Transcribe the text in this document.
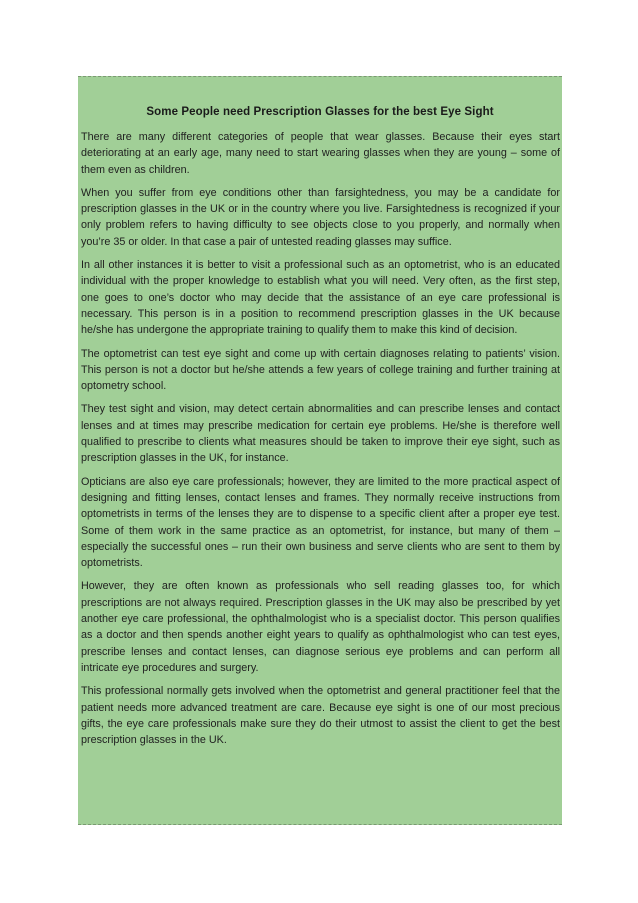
Some People need Prescription Glasses for the best Eye Sight

There are many different categories of people that wear glasses. Because their eyes start deteriorating at an early age, many need to start wearing glasses when they are young – some of them even as children.

When you suffer from eye conditions other than farsightedness, you may be a candidate for prescription glasses in the UK or in the country where you live. Farsightedness is recognized if your only problem refers to having difficulty to see objects close to you properly, and normally when you’re 35 or older. In that case a pair of untested reading glasses may suffice.

In all other instances it is better to visit a professional such as an optometrist, who is an educated individual with the proper knowledge to establish what you will need. Very often, as the first step, one goes to one’s doctor who may decide that the assistance of an eye care professional is necessary. This person is in a position to recommend prescription glasses in the UK because he/she has undergone the appropriate training to qualify them to make this kind of decision.

The optometrist can test eye sight and come up with certain diagnoses relating to patients’ vision. This person is not a doctor but he/she attends a few years of college training and further training at optometry school.

They test sight and vision, may detect certain abnormalities and can prescribe lenses and contact lenses and at times may prescribe medication for certain eye problems. He/she is therefore well qualified to prescribe to clients what measures should be taken to improve their eye sight, such as prescription glasses in the UK, for instance.

Opticians are also eye care professionals; however, they are limited to the more practical aspect of designing and fitting lenses, contact lenses and frames. They normally receive instructions from optometrists in terms of the lenses they are to dispense to a specific client after a proper eye test. Some of them work in the same practice as an optometrist, for instance, but many of them – especially the successful ones – run their own business and serve clients who are sent to them by optometrists.

However, they are often known as professionals who sell reading glasses too, for which prescriptions are not always required. Prescription glasses in the UK may also be prescribed by yet another eye care professional, the ophthalmologist who is a specialist doctor. This person qualifies as a doctor and then spends another eight years to qualify as ophthalmologist who can test eyes, prescribe lenses and contact lenses, can diagnose serious eye problems and can perform all intricate eye procedures and surgery.

This professional normally gets involved when the optometrist and general practitioner feel that the patient needs more advanced treatment are care. Because eye sight is one of our most precious gifts, the eye care professionals make sure they do their utmost to assist the client to get the best prescription glasses in the UK.
